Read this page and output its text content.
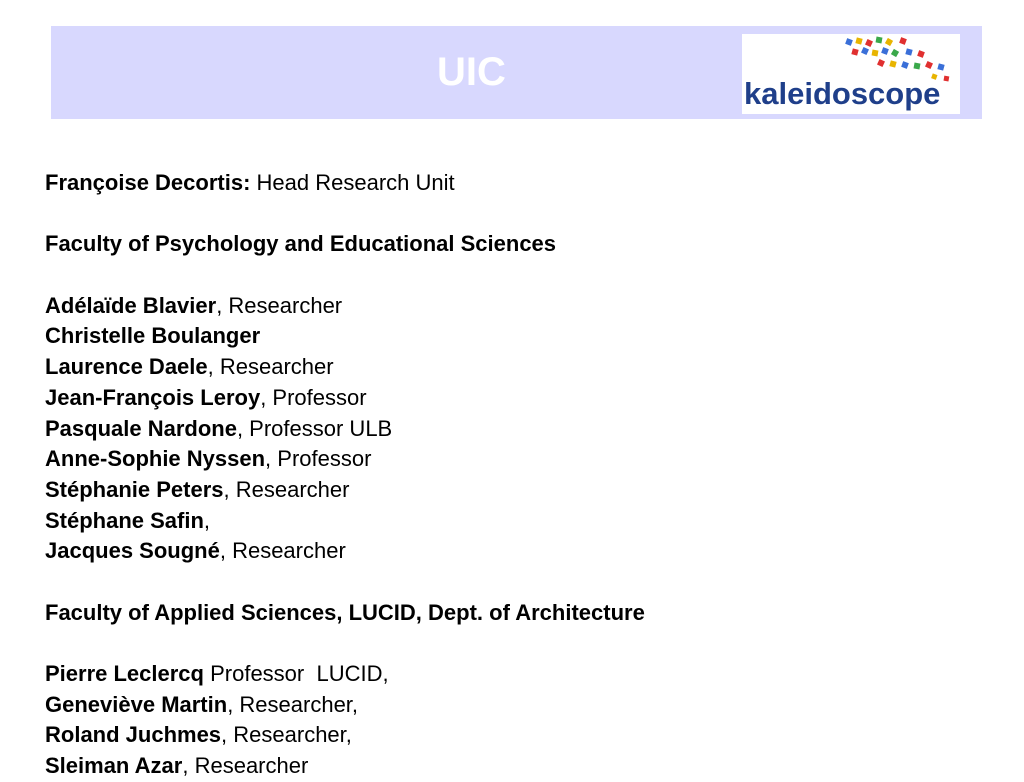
UIC	kaleidoscope
Françoise Decortis: Head Research Unit
Faculty of Psychology and Educational Sciences
Adélaïde Blavier, Researcher
Christelle Boulanger
Laurence Daele, Researcher
Jean-François Leroy, Professor
Pasquale Nardone, Professor ULB
Anne-Sophie Nyssen, Professor
Stéphanie Peters, Researcher
Stéphane Safin,
Jacques Sougné, Researcher
Faculty of Applied Sciences, LUCID, Dept. of Architecture
Pierre Leclercq Professor  LUCID,
Geneviève Martin, Researcher,
Roland Juchmes, Researcher,
Sleiman Azar, Researcher
